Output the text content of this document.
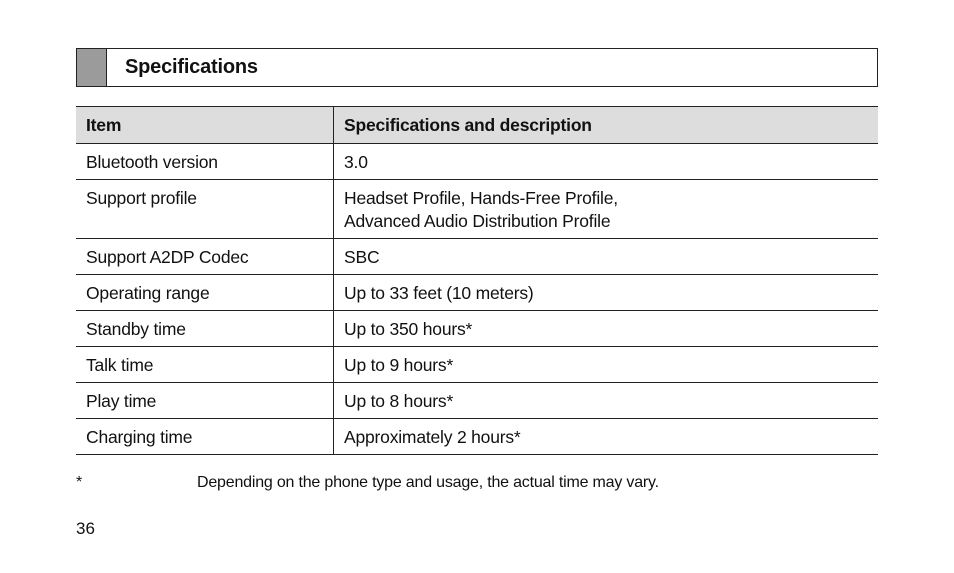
Specifications
Item	Specifications and description
Bluetooth version	3.0

Support profile	Headset Profile, Hands-Free Profile,
Advanced Audio Distribution Profile

Support A2DP Codec	SBC

Operating range	Up to 33 feet (10 meters)

Standby time	Up to 350 hours*

Talk time	Up to 9 hours*

Play time	Up to 8 hours*

Charging time	Approximately 2 hours*
*	Depending on the phone type and usage, the actual time may vary.
36
